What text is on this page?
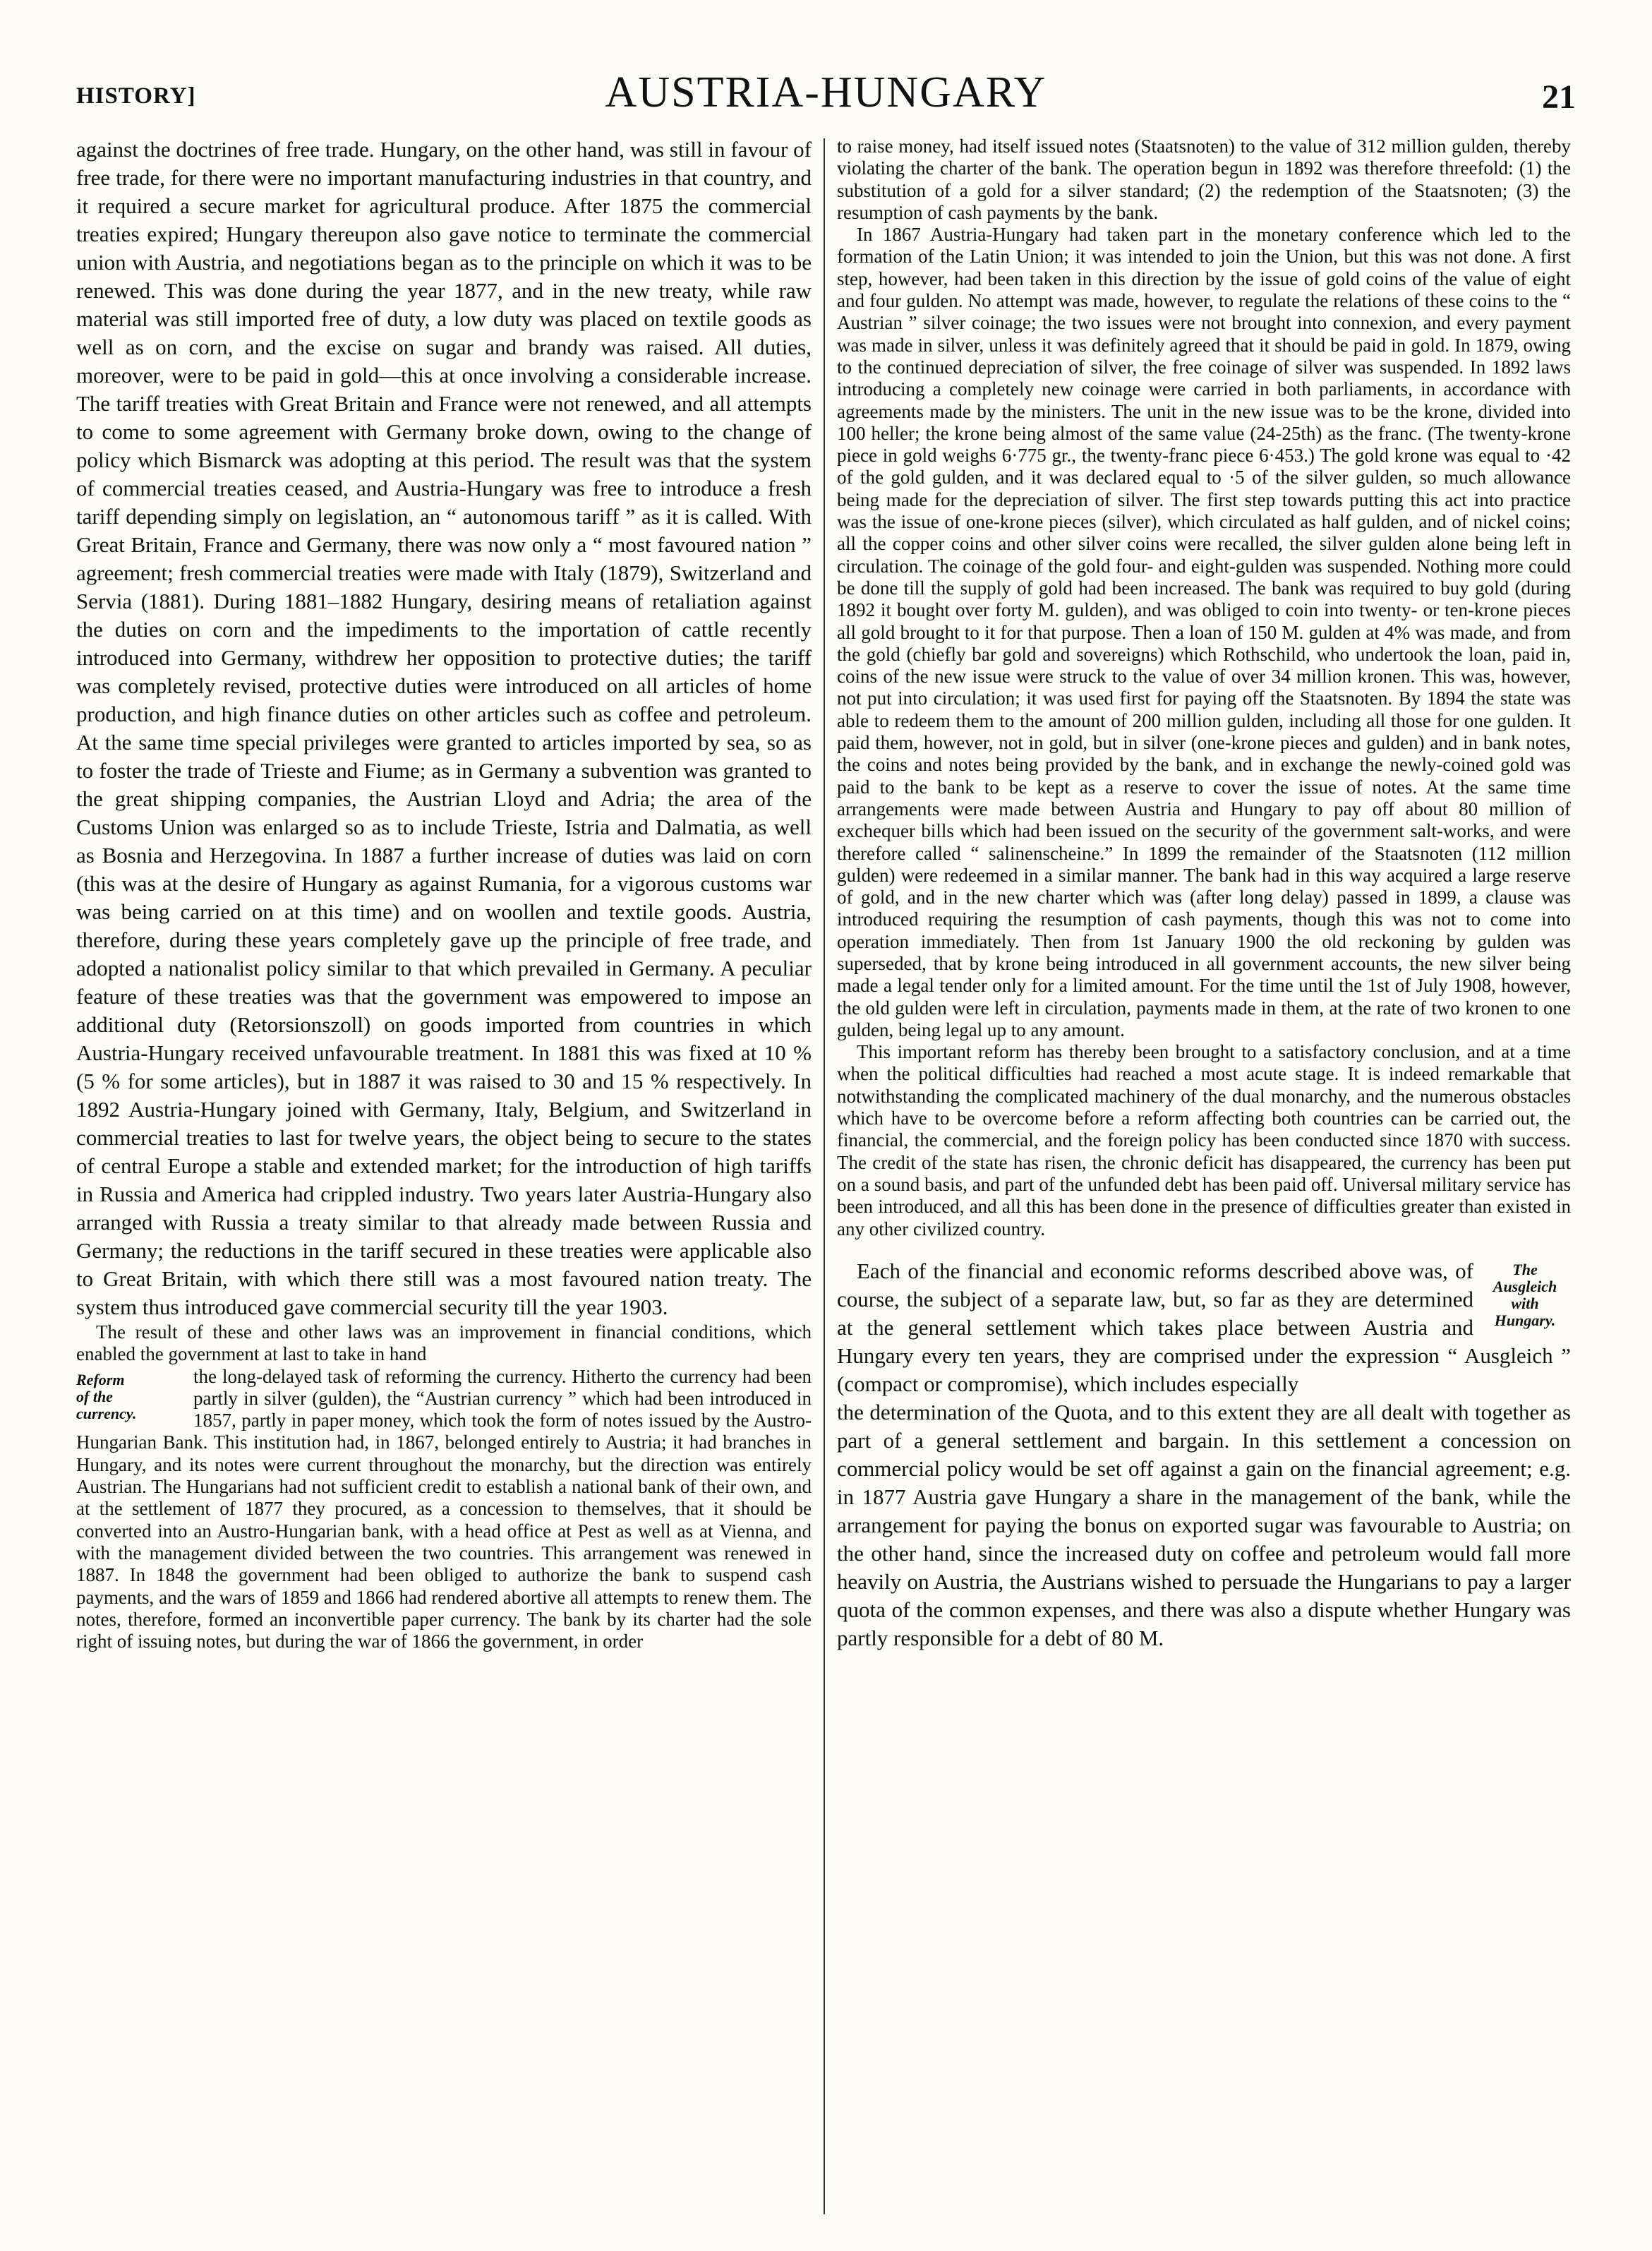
HISTORY]	AUSTRIA-HUNGARY	21

against the doctrines of free trade. Hungary, on the other hand, was still in favour of free trade, for there were no important manufacturing industries in that country, and it required a secure market for agricultural produce. After 1875 the commercial treaties expired; Hungary thereupon also gave notice to terminate the commercial union with Austria, and negotiations began as to the principle on which it was to be renewed. This was done during the year 1877, and in the new treaty, while raw material was still imported free of duty, a low duty was placed on textile goods as well as on corn, and the excise on sugar and brandy was raised. All duties, moreover, were to be paid in gold—this at once involving a considerable increase. The tariff treaties with Great Britain and France were not renewed, and all attempts to come to some agreement with Germany broke down, owing to the change of policy which Bismarck was adopting at this period. The result was that the system of commercial treaties ceased, and Austria-Hungary was free to introduce a fresh tariff depending simply on legislation, an “ autonomous tariff ” as it is called. With Great Britain, France and Germany, there was now only a “ most favoured nation ” agreement; fresh commercial treaties were made with Italy (1879), Switzerland and Servia (1881). During 1881–1882 Hungary, desiring means of retaliation against the duties on corn and the impediments to the importation of cattle recently introduced into Germany, withdrew her opposition to protective duties; the tariff was completely revised, protective duties were introduced on all articles of home production, and high finance duties on other articles such as coffee and petroleum. At the same time special privileges were granted to articles imported by sea, so as to foster the trade of Trieste and Fiume; as in Germany a subvention was granted to the great shipping companies, the Austrian Lloyd and Adria; the area of the Customs Union was enlarged so as to include Trieste, Istria and Dalmatia, as well as Bosnia and Herzegovina. In 1887 a further increase of duties was laid on corn (this was at the desire of Hungary as against Rumania, for a vigorous customs war was being carried on at this time) and on woollen and textile goods. Austria, therefore, during these years completely gave up the principle of free trade, and adopted a nationalist policy similar to that which prevailed in Germany. A peculiar feature of these treaties was that the government was empowered to impose an additional duty (Retorsionszoll) on goods imported from countries in which Austria-Hungary received unfavourable treatment. In 1881 this was fixed at 10 % (5 % for some articles), but in 1887 it was raised to 30 and 15 % respectively. In 1892 Austria-Hungary joined with Germany, Italy, Belgium, and Switzerland in commercial treaties to last for twelve years, the object being to secure to the states of central Europe a stable and extended market; for the introduction of high tariffs in Russia and America had crippled industry. Two years later Austria-Hungary also arranged with Russia a treaty similar to that already made between Russia and Germany; the reductions in the tariff secured in these treaties were applicable also to Great Britain, with which there still was a most favoured nation treaty. The system thus introduced gave commercial security till the year 1903.

The result of these and other laws was an improvement in financial conditions, which enabled the government at last to take in hand

Reform
of the
currency.

the long-delayed task of reforming the currency. Hitherto the currency had been partly in silver (gulden), the “Austrian currency ” which had been introduced in 1857, partly in paper money, which took the form of notes issued by the Austro-Hungarian Bank. This institution had, in 1867, belonged entirely to Austria; it had branches in Hungary, and its notes were current throughout the monarchy, but the direction was entirely Austrian. The Hungarians had not sufficient credit to establish a national bank of their own, and at the settlement of 1877 they procured, as a concession to themselves, that it should be converted into an Austro-Hungarian bank, with a head office at Pest as well as at Vienna, and with the management divided between the two countries. This arrangement was renewed in 1887. In 1848 the government had been obliged to authorize the bank to suspend cash payments, and the wars of 1859 and 1866 had rendered abortive all attempts to renew them. The notes, therefore, formed an inconvertible paper currency. The bank by its charter had the sole right of issuing notes, but during the war of 1866 the government, in order

to raise money, had itself issued notes (Staatsnoten) to the value of 312 million gulden, thereby violating the charter of the bank. The operation begun in 1892 was therefore threefold: (1) the substitution of a gold for a silver standard; (2) the redemption of the Staatsnoten; (3) the resumption of cash payments by the bank.

In 1867 Austria-Hungary had taken part in the monetary conference which led to the formation of the Latin Union; it was intended to join the Union, but this was not done. A first step, however, had been taken in this direction by the issue of gold coins of the value of eight and four gulden. No attempt was made, however, to regulate the relations of these coins to the “ Austrian ” silver coinage; the two issues were not brought into connexion, and every payment was made in silver, unless it was definitely agreed that it should be paid in gold. In 1879, owing to the continued depreciation of silver, the free coinage of silver was suspended. In 1892 laws introducing a completely new coinage were carried in both parliaments, in accordance with agreements made by the ministers. The unit in the new issue was to be the krone, divided into 100 heller; the krone being almost of the same value (24-25th) as the franc. (The twenty-krone piece in gold weighs 6·775 gr., the twenty-franc piece 6·453.) The gold krone was equal to ·42 of the gold gulden, and it was declared equal to ·5 of the silver gulden, so much allowance being made for the depreciation of silver. The first step towards putting this act into practice was the issue of one-krone pieces (silver), which circulated as half gulden, and of nickel coins; all the copper coins and other silver coins were recalled, the silver gulden alone being left in circulation. The coinage of the gold four- and eight-gulden was suspended. Nothing more could be done till the supply of gold had been increased. The bank was required to buy gold (during 1892 it bought over forty M. gulden), and was obliged to coin into twenty- or ten-krone pieces all gold brought to it for that purpose. Then a loan of 150 M. gulden at 4% was made, and from the gold (chiefly bar gold and sovereigns) which Rothschild, who undertook the loan, paid in, coins of the new issue were struck to the value of over 34 million kronen. This was, however, not put into circulation; it was used first for paying off the Staatsnoten. By 1894 the state was able to redeem them to the amount of 200 million gulden, including all those for one gulden. It paid them, however, not in gold, but in silver (one-krone pieces and gulden) and in bank notes, the coins and notes being provided by the bank, and in exchange the newly-coined gold was paid to the bank to be kept as a reserve to cover the issue of notes. At the same time arrangements were made between Austria and Hungary to pay off about 80 million of exchequer bills which had been issued on the security of the government salt-works, and were therefore called “ salinenscheine.” In 1899 the remainder of the Staatsnoten (112 million gulden) were redeemed in a similar manner. The bank had in this way acquired a large reserve of gold, and in the new charter which was (after long delay) passed in 1899, a clause was introduced requiring the resumption of cash payments, though this was not to come into operation immediately. Then from 1st January 1900 the old reckoning by gulden was superseded, that by krone being introduced in all government accounts, the new silver being made a legal tender only for a limited amount. For the time until the 1st of July 1908, however, the old gulden were left in circulation, payments made in them, at the rate of two kronen to one gulden, being legal up to any amount.

This important reform has thereby been brought to a satisfactory conclusion, and at a time when the political difficulties had reached a most acute stage. It is indeed remarkable that notwithstanding the complicated machinery of the dual monarchy, and the numerous obstacles which have to be overcome before a reform affecting both countries can be carried out, the financial, the commercial, and the foreign policy has been conducted since 1870 with success. The credit of the state has risen, the chronic deficit has disappeared, the currency has been put on a sound basis, and part of the unfunded debt has been paid off. Universal military service has been introduced, and all this has been done in the presence of difficulties greater than existed in any other civilized country.

The
Ausgleich
with
Hungary.

Each of the financial and economic reforms described above was, of course, the subject of a separate law, but, so far as they are determined at the general settlement which takes place between Austria and Hungary every ten years, they are comprised under the expression “ Ausgleich ” (compact or compromise), which includes especially

the determination of the Quota, and to this extent they are all dealt with together as part of a general settlement and bargain. In this settlement a concession on commercial policy would be set off against a gain on the financial agreement; e.g. in 1877 Austria gave Hungary a share in the management of the bank, while the arrangement for paying the bonus on exported sugar was favourable to Austria; on the other hand, since the increased duty on coffee and petroleum would fall more heavily on Austria, the Austrians wished to persuade the Hungarians to pay a larger quota of the common expenses, and there was also a dispute whether Hungary was partly responsible for a debt of 80 M.
